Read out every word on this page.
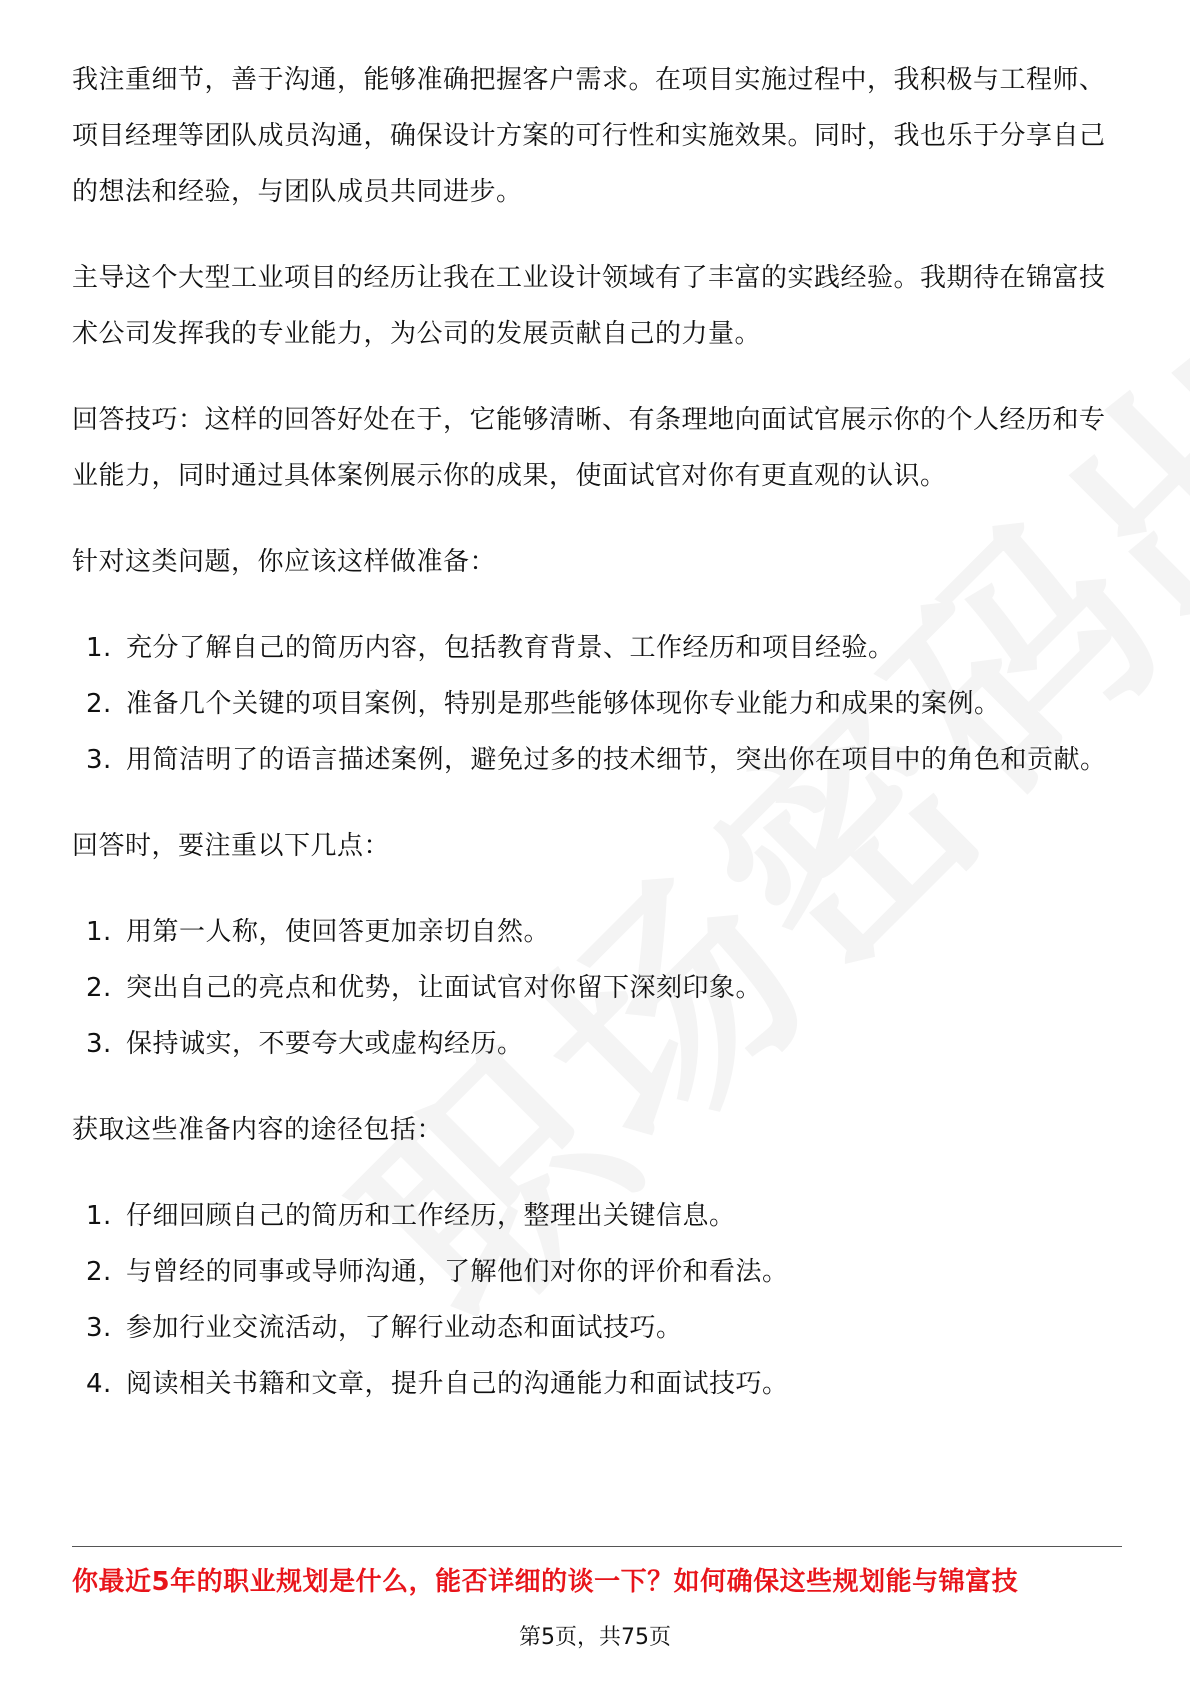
我注重细节，善于沟通，能够准确把握客户需求。在项目实施过程中，我积极与工程师、项目经理等团队成员沟通，确保设计方案的可行性和实施效果。同时，我也乐于分享自己的想法和经验，与团队成员共同进步。

主导这个大型工业项目的经历让我在工业设计领域有了丰富的实践经验。我期待在锦富技术公司发挥我的专业能力，为公司的发展贡献自己的力量。

回答技巧：这样的回答好处在于，它能够清晰、有条理地向面试官展示你的个人经历和专业能力，同时通过具体案例展示你的成果，使面试官对你有更直观的认识。

针对这类问题，你应该这样做准备：

1. 充分了解自己的简历内容，包括教育背景、工作经历和项目经验。
2. 准备几个关键的项目案例，特别是那些能够体现你专业能力和成果的案例。
3. 用简洁明了的语言描述案例，避免过多的技术细节，突出你在项目中的角色和贡献。

回答时，要注重以下几点：

1. 用第一人称，使回答更加亲切自然。
2. 突出自己的亮点和优势，让面试官对你留下深刻印象。
3. 保持诚实，不要夸大或虚构经历。

获取这些准备内容的途径包括：

1. 仔细回顾自己的简历和工作经历，整理出关键信息。
2. 与曾经的同事或导师沟通，了解他们对你的评价和看法。
3. 参加行业交流活动，了解行业动态和面试技巧。
4. 阅读相关书籍和文章，提升自己的沟通能力和面试技巧。
你最近5年的职业规划是什么，能否详细的谈一下？如何确保这些规划能与锦富技
第5页，共75页
